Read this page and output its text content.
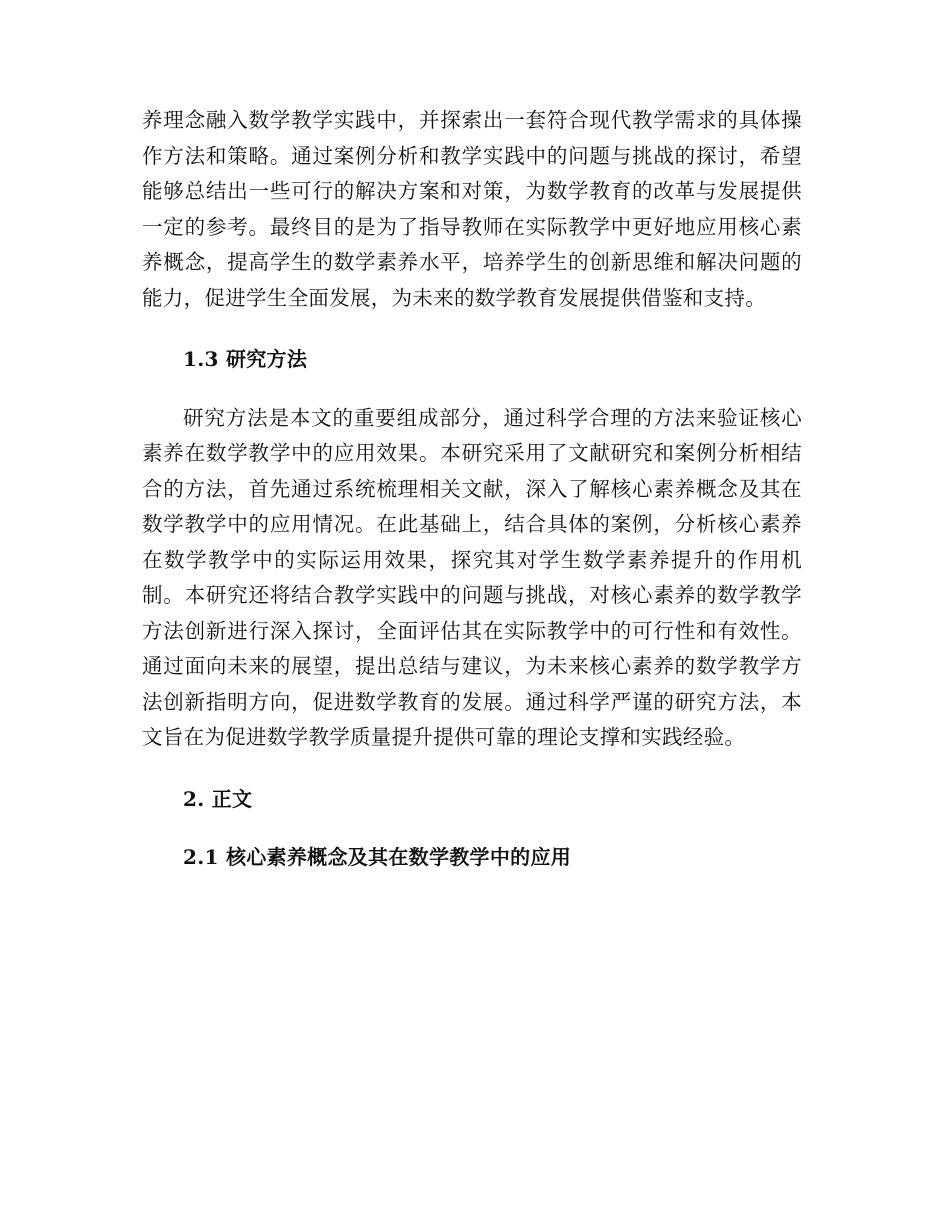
养理念融入数学教学实践中，并探索出一套符合现代教学需求的具体操作方法和策略。通过案例分析和教学实践中的问题与挑战的探讨，希望能够总结出一些可行的解决方案和对策，为数学教育的改革与发展提供一定的参考。最终目的是为了指导教师在实际教学中更好地应用核心素养概念，提高学生的数学素养水平，培养学生的创新思维和解决问题的能力，促进学生全面发展，为未来的数学教育发展提供借鉴和支持。

1.3 研究方法

研究方法是本文的重要组成部分，通过科学合理的方法来验证核心素养在数学教学中的应用效果。本研究采用了文献研究和案例分析相结合的方法，首先通过系统梳理相关文献，深入了解核心素养概念及其在数学教学中的应用情况。在此基础上，结合具体的案例，分析核心素养在数学教学中的实际运用效果，探究其对学生数学素养提升的作用机制。本研究还将结合教学实践中的问题与挑战，对核心素养的数学教学方法创新进行深入探讨，全面评估其在实际教学中的可行性和有效性。通过面向未来的展望，提出总结与建议，为未来核心素养的数学教学方法创新指明方向，促进数学教育的发展。通过科学严谨的研究方法，本文旨在为促进数学教学质量提升提供可靠的理论支撑和实践经验。

2. 正文
2.1 核心素养概念及其在数学教学中的应用
